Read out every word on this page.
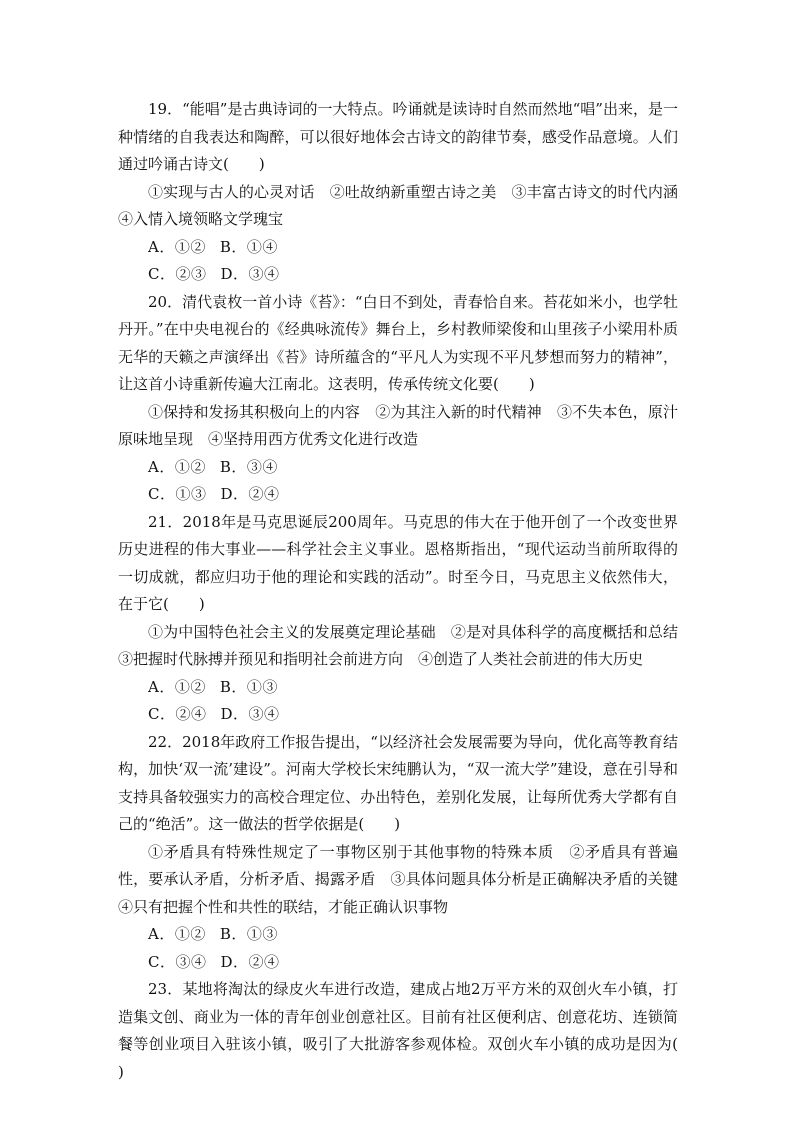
19．“能唱”是古典诗词的一大特点。吟诵就是读诗时自然而然地“唱”出来，是一种情绪的自我表达和陶醉，可以很好地体会古诗文的韵律节奏，感受作品意境。人们通过吟诵古诗文(　　)

①实现与古人的心灵对话　②吐故纳新重塑古诗之美　③丰富古诗文的时代内涵　④入情入境领略文学瑰宝

A．①② B．①④

C．②③ D．③④

20．清代袁枚一首小诗《苔》：“白日不到处，青春恰自来。苔花如米小，也学牡丹开。”在中央电视台的《经典咏流传》舞台上，乡村教师梁俊和山里孩子小梁用朴质无华的天籁之声演绎出《苔》诗所蕴含的“平凡人为实现不平凡梦想而努力的精神”，让这首小诗重新传遍大江南北。这表明，传承传统文化要(　　)

①保持和发扬其积极向上的内容　②为其注入新的时代精神　③不失本色，原汁原味地呈现　④坚持用西方优秀文化进行改造

A．①② B．③④

C．①③ D．②④

21．2018年是马克思诞辰200周年。马克思的伟大在于他开创了一个改变世界历史进程的伟大事业——科学社会主义事业。恩格斯指出，“现代运动当前所取得的一切成就，都应归功于他的理论和实践的活动”。时至今日，马克思主义依然伟大，在于它(　　)

①为中国特色社会主义的发展奠定理论基础　②是对具体科学的高度概括和总结　③把握时代脉搏并预见和指明社会前进方向　④创造了人类社会前进的伟大历史

A．①② B．①③

C．②④ D．③④

22．2018年政府工作报告提出，“以经济社会发展需要为导向，优化高等教育结构，加快‘双一流’建设”。河南大学校长宋纯鹏认为，“双一流大学”建设，意在引导和支持具备较强实力的高校合理定位、办出特色，差别化发展，让每所优秀大学都有自己的“绝活”。这一做法的哲学依据是(　　)

①矛盾具有特殊性规定了一事物区别于其他事物的特殊本质　②矛盾具有普遍性，要承认矛盾，分析矛盾、揭露矛盾　③具体问题具体分析是正确解决矛盾的关键　④只有把握个性和共性的联结，才能正确认识事物

A．①② B．①③

C．③④ D．②④

23．某地将淘汰的绿皮火车进行改造，建成占地2万平方米的双创火车小镇，打造集文创、商业为一体的青年创业创意社区。目前有社区便利店、创意花坊、连锁简餐等创业项目入驻该小镇，吸引了大批游客参观体检。双创火车小镇的成功是因为(　　)
